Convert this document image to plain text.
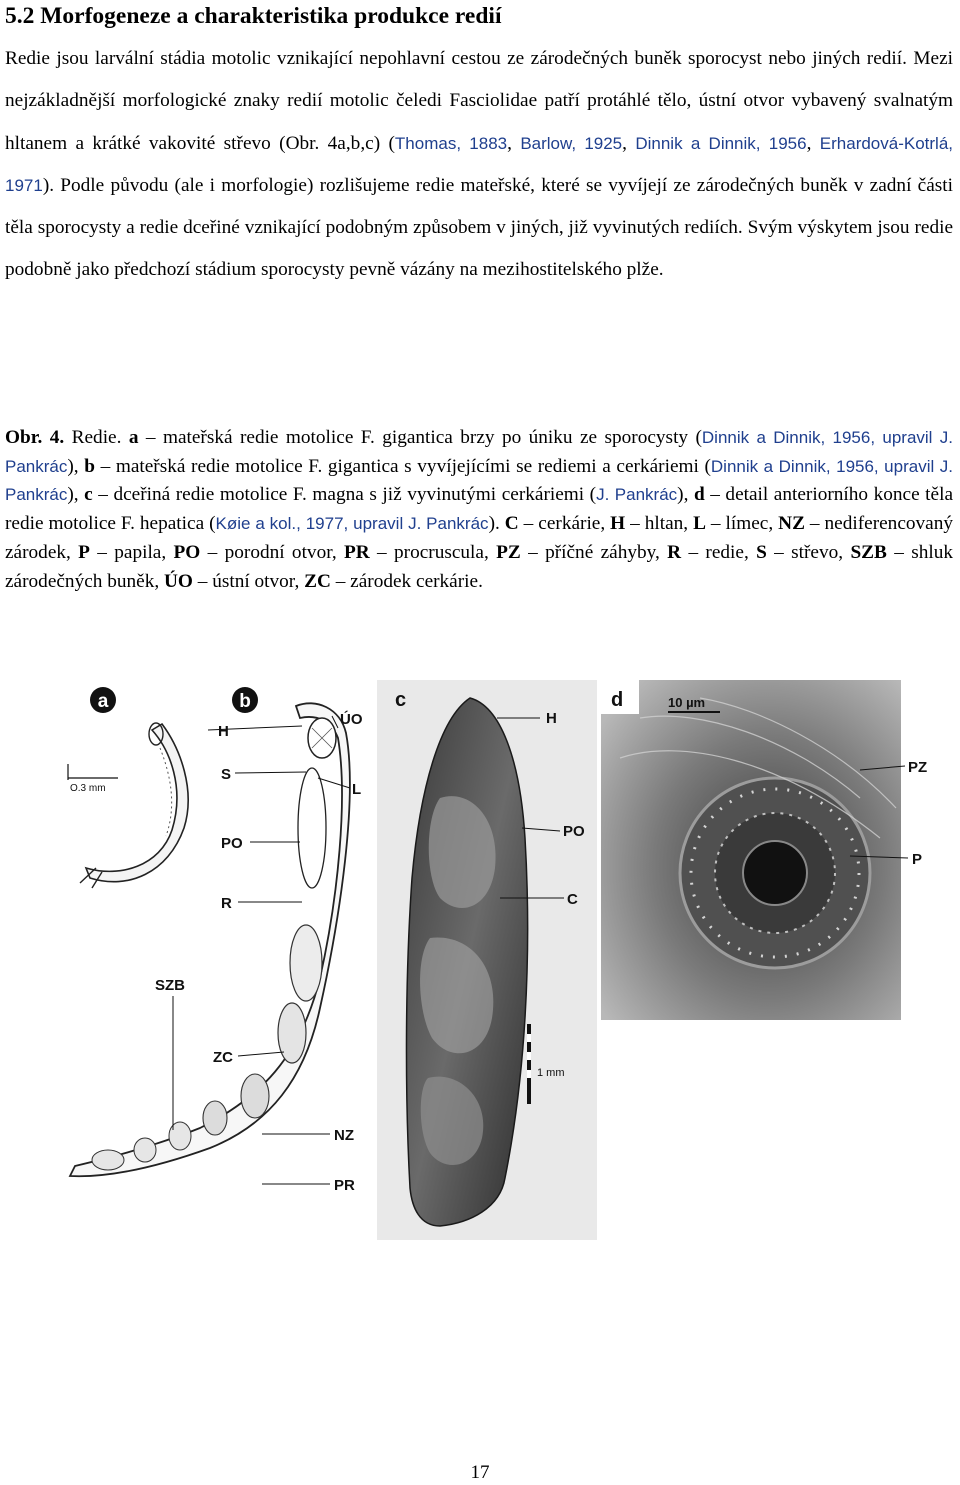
5.2 Morfogeneze a charakteristika produkce redií

Redie jsou larvální stádia motolic vznikající nepohlavní cestou ze zárodečných buněk sporocyst nebo jiných redií. Mezi nejzákladnější morfologické znaky redií motolic čeledi Fasciolidae patří protáhlé tělo, ústní otvor vybavený svalnatým hltanem a krátké vakovité střevo (Obr. 4a,b,c) (Thomas, 1883, Barlow, 1925, Dinnik a Dinnik, 1956, Erhardová-Kotrlá, 1971). Podle původu (ale i morfologie) rozlišujeme redie mateřské, které se vyvíjejí ze zárodečných buněk v zadní části těla sporocysty a redie dceřiné vznikající podobným způsobem v jiných, již vyvinutých rediích. Svým výskytem jsou redie podobně jako předchozí stádium sporocysty pevně vázány na mezihostitelského plže.

Obr. 4. Redie. a – mateřská redie motolice F. gigantica brzy po úniku ze sporocysty (Dinnik a Dinnik, 1956, upravil J. Pankrác), b – mateřská redie motolice F. gigantica s vyvíjejícími se rediemi a cerkáriemi (Dinnik a Dinnik, 1956, upravil J. Pankrác), c – dceřiná redie motolice F. magna s již vyvinutými cerkáriemi (J. Pankrác), d – detail anteriorního konce těla redie motolice F. hepatica (Køie a kol., 1977, upravil J. Pankrác). C – cerkárie, H – hltan, L – límec, NZ – nediferencovaný zárodek, P – papila, PO – porodní otvor, PR – procruscula, PZ – příčné záhyby, R – redie, S – střevo, SZB – shluk zárodečných buněk, ÚO – ústní otvor, ZC – zárodek cerkárie.

a
O.3 mm
b
H
S
PO
R
SZB
ZC
NZ
PR
ÚO
L
c
1 mm
H
PO
C
d	10 µm
PZ
P
17
